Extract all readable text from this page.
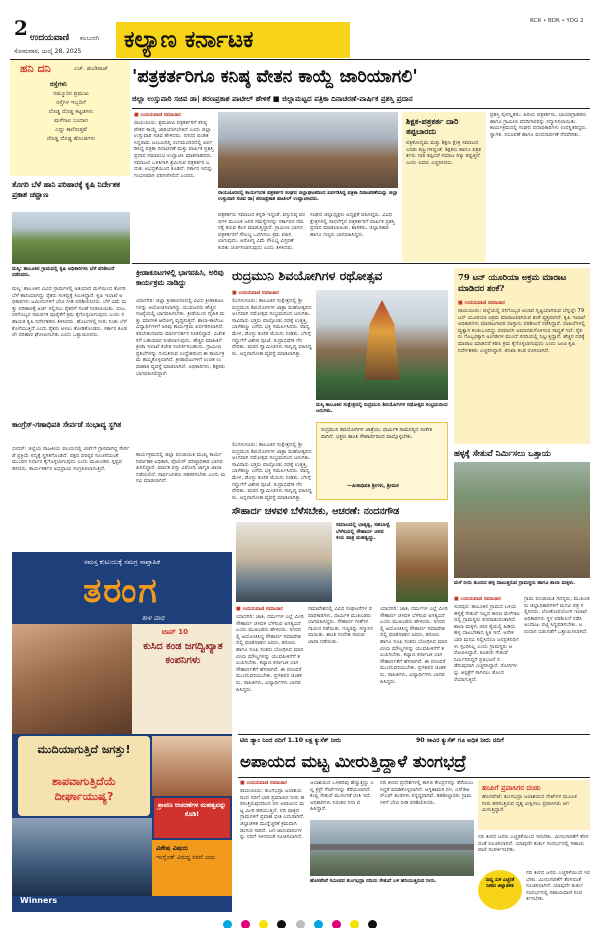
2 ಉದಯವಾಣಿ ಕಲಬುರಗಿ
ಸೋಮವಾರ, ಜುಲೈ 28, 2025 ಕಲ್ಯಾಣ ಕರ್ನಾಟಕ
RCR • BDR • YDG 2
ಹನಿ ದನಿ	ಎಚ್. ಡುಂಡಿರಾಜ್
ರಸ್ತೆಗಳು
ನಮ್ಮೂರಿನ ಪ್ರಮುಖ
ರಸ್ತೆಗಳ ಇಬ್ಬದಿಗೆ
ದೊಡ್ಡ ದೊಡ್ಡ ಕಟ್ಟಡಗಳು
ಮಳೆಗಾಲ ಬಂದಾಗ
ಎದ್ದು ಕಾಣಿಸುತ್ತವೆ
ದೊಡ್ಡ ದೊಡ್ಡ ಹೊಂಡಗಳು
'ಪತ್ರಕರ್ತರಿಗೂ ಕನಿಷ್ಠ ವೇತನ ಕಾಯ್ದೆ ಜಾರಿಯಾಗಲಿ'
ಜಿಲ್ಲಾ ಉಸ್ತುವಾರಿ ಸಚಿವ ಡಾ| ಶರಣಪ್ರಕಾಶ ಪಾಟೀಲ್ ಹೇಳಿಕೆ ■ ಜಿಲ್ಲಾಮಟ್ಟದ ಪತ್ರಿಕಾ ದಿನಾಚರಣೆ-ವಾರ್ಷಿಕ ಪ್ರಶಸ್ತಿ ಪ್ರದಾನ
■ ಉದಯವಾಣಿ ಸಮಾಚಾರ
ರಾಯಚೂರು: ಶ್ರಮಜೀವಿ ಪತ್ರಕರ್ತರಿಗೆ ಕನಿಷ್ಠ ವೇತನ ಕಾಯ್ದೆ ಜಾರಿಯಾಗಬೇಕಿದೆ ಎಂದು ಜಿಲ್ಲಾ ಉಸ್ತುವಾರಿ ಸಚಿವ ಹೇಳಿದರು. ನಗರದ ಪಂಡಿತ ಸಿದ್ದರಾಮ ಜಂಬಲದಿನ್ನಿ ರಂಗಮಂದಿರದಲ್ಲಿ ಏರ್ಪಡಿಸಿದ್ದ ಪತ್ರಿಕಾ ದಿನಾಚರಣೆ ಮತ್ತು ವಾರ್ಷಿಕ ಪ್ರಶಸ್ತಿ ಪ್ರದಾನ ಸಮಾರಂಭ ಉದ್ಘಾಟಿಸಿ ಮಾತನಾಡಿದರು. ಸಮಾಜದ ಒಳಿತಿಗಾಗಿ ಶ್ರಮಿಸುವ ಪತ್ರಕರ್ತರ ಬದುಕು ಅಭದ್ರತೆಯಿಂದ ಕೂಡಿದೆ. ಸರ್ಕಾರ ಇದನ್ನು ಗಂಭೀರವಾಗಿ ಪರಿಗಣಿಸಲಿದೆ ಎಂದರು.
ರಾಯಚೂರಿನಲ್ಲಿ ಕಾರ್ಯನಿರತ ಪತ್ರಕರ್ತರ ಸಂಘದ ಜಿಲ್ಲಾಘಟಕದಿಂದ ಏರ್ಪಡಿಸಿದ್ದ ಪತ್ರಿಕಾ ದಿನಾಚರಣೆಯನ್ನು ಜಿಲ್ಲಾ ಉಸ್ತುವಾರಿ ಸಚಿವ ಡಾ| ಶರಣಪ್ರಕಾಶ ಪಾಟೀಲ್ ಉದ್ಘಾಟಿಸಿದರು.
ಪತ್ರಕರ್ತರು ಸಮಾಜದ ಕನ್ನಡಿ ಇದ್ದಂತೆ. ವಸ್ತುನಿಷ್ಠ ವರದಿಗಳ ಮೂಲಕ ಜನರ ಸಮಸ್ಯೆಗಳನ್ನು ಸರ್ಕಾರದ ಗಮನಕ್ಕೆ ತರುವ ಕೆಲಸ ಮಾಡುತ್ತಿದ್ದಾರೆ. ಗ್ರಾಮೀಣ ಭಾಗದ ಪತ್ರಕರ್ತರಿಗೆ ಸೌಲಭ್ಯ ಒದಗಿಸಲು ಕ್ರಮ ವಹಿಸಲಾಗುವುದು. ಆರೋಗ್ಯ ವಿಮೆ ಸೌಲಭ್ಯ ವಿಸ್ತರಣೆ ಕುರಿತು ಚರ್ಚಿಸಲಾಗುವುದು ಎಂದು ತಿಳಿಸಿದರು.
ಸಂಘದ ಜಿಲ್ಲಾಧ್ಯಕ್ಷರು ಅಧ್ಯಕ್ಷತೆ ವಹಿಸಿದ್ದರು. ವಿವಿಧ ಕ್ಷೇತ್ರಗಳಲ್ಲಿ ಸಾಧನೆಗೈದ ಪತ್ರಕರ್ತರಿಗೆ ವಾರ್ಷಿಕ ಪ್ರಶಸ್ತಿ ಪ್ರದಾನ ಮಾಡಲಾಯಿತು. ಶಾಸಕರು, ಜಿಲ್ಲಾಧಿಕಾರಿ ಹಾಗೂ ಗಣ್ಯರು ಭಾಗವಹಿಸಿದ್ದರು.
ಶಿಕ್ಷಕ-ಪತ್ರಕರ್ತ ದಾರಿ ತಪ್ಪಬಾರದು
ಪತ್ರಿಕೋದ್ಯಮ ಮತ್ತು ಶಿಕ್ಷಣ ಕ್ಷೇತ್ರ ಸಮಾಜದ ಎರಡು ಕಣ್ಣುಗಳಿದ್ದಂತೆ. ಶಿಕ್ಷಕರು ಹಾಗೂ ಪತ್ರಕರ್ತರು ದಾರಿ ತಪ್ಪಿದರೆ ಸಮಾಜ ದಿಕ್ಕು ತಪ್ಪುತ್ತದೆ ಎಂದು ಅವರು ಎಚ್ಚರಿಸಿದರು.
ಪ್ರಶಸ್ತಿ ಪುರಸ್ಕೃತರು: ಹಿರಿಯ ಪತ್ರಕರ್ತರು, ಛಾಯಾಗ್ರಾಹಕರು ಹಾಗೂ ಗ್ರಾಮೀಣ ವರದಿಗಾರರನ್ನು ಸನ್ಮಾನಿಸಲಾಯಿತು. ಕಾರ್ಯಕ್ರಮದಲ್ಲಿ ಸಂಘದ ಪದಾಧಿಕಾರಿಗಳು ಉಪಸ್ಥಿತರಿದ್ದರು. ಸ್ವಾಗತ, ನಿರೂಪಣೆ ಹಾಗೂ ವಂದನಾರ್ಪಣೆ ನೆರವೇರಿತು.
ತೊಗರಿ ಬೆಳೆ ಹಾನಿ ಪರಿಹಾರಕ್ಕೆ ಕೃಷಿ ನಿರ್ದೇಶಕ ಪ್ರಕಾಶ ಚವ್ಹಾಣ
ಮಸ್ಕಿ: ತಾಲೂಕಿನ ಗ್ರಾಮದಲ್ಲಿ ಕೃಷಿ ಅಧಿಕಾರಿಗಳು ಬೆಳೆ ಪರಿಶೀಲನೆ ನಡೆಸಿದರು.
ಮಸ್ಕಿ: ತಾಲೂಕಿನ ವಿವಿಧ ಗ್ರಾಮಗಳಲ್ಲಿ ಅತಿಯಾದ ಮಳೆಯಿಂದ ತೊಗರಿ ಬೆಳೆ ಹಾನಿಯಾಗಿದ್ದು ರೈತರು ಸಂಕಷ್ಟಕ್ಕೆ ಸಿಲುಕಿದ್ದಾರೆ. ಕೃಷಿ ಇಲಾಖೆ ಅಧಿಕಾರಿಗಳು ಜಮೀನುಗಳಿಗೆ ಭೇಟಿ ನೀಡಿ ಪರಿಶೀಲಿಸಿದರು. ಬೆಳೆ ವಿಮೆ ಮತ್ತು ಪರಿಹಾರಕ್ಕೆ ಅರ್ಜಿ ಸಲ್ಲಿಸಲು ರೈತರಿಗೆ ಸಲಹೆ ನೀಡಲಾಯಿತು. ಬೀಜ, ರಸಗೊಬ್ಬರ ಸಮರ್ಪಕ ಪೂರೈಕೆಗೆ ಕ್ರಮ ಕೈಗೊಳ್ಳಲಾಗುವುದು ಎಂದು ಸಹಾಯಕ ಕೃಷಿ ನಿರ್ದೇಶಕರು ತಿಳಿಸಿದರು. ಹೊಲಗಳಲ್ಲಿ ನೀರು ನಿಂತು ಬೆಳೆ ಕೊಳೆಯುತ್ತಿದೆ ಎಂದು ರೈತರು ಅಳಲು ತೋಡಿಕೊಂಡರು. ಸರ್ಕಾರ ಕೂಡಲೇ ಪರಿಹಾರ ಘೋಷಿಸಬೇಕು ಎಂದು ಒತ್ತಾಯಿಸಿದರು.
ಕಾಂಗ್ರೆಸ್-ಗಣಾಧಿಪತಿ ಸೇರ್ಪಡೆ ಸಂಭಾವ್ಯ ಸ್ಥಗಿತ
ಬೀದರ್: ಜಿಲ್ಲೆಯ ರಾಜಕೀಯ ವಲಯದಲ್ಲಿ ಚರ್ಚೆಗೆ ಗ್ರಾಸವಾಗಿದ್ದ ಸೇರ್ಪಡೆ ಪ್ರಕ್ರಿಯೆ ಸದ್ಯಕ್ಕೆ ಸ್ಥಗಿತಗೊಂಡಿದೆ. ಪಕ್ಷದ ವರಿಷ್ಠರ ಸೂಚನೆಯಂತೆ ಮುಂದಿನ ನಿರ್ಧಾರ ಕೈಗೊಳ್ಳಲಾಗುವುದು ಎಂದು ಮುಖಂಡರು ಸ್ಪಷ್ಟಪಡಿಸಿದರು. ಕಾರ್ಯಕರ್ತರ ಅಭಿಪ್ರಾಯ ಸಂಗ್ರಹಿಸಲಾಗುತ್ತಿದೆ.
ಕ್ರೀಡಾಕೂಟಗಳಲ್ಲಿ ಭಾಗವಹಿಸಿ, ಅರಿವು ಕಾರ್ಯಕ್ರಮ ನಾಡಿದ್ದು
ಯಾದಗಿರಿ: ಜಿಲ್ಲಾ ಕ್ರೀಡಾಂಗಣದಲ್ಲಿ ವಿವಿಧ ಕ್ರೀಡಾಕೂಟಗಳನ್ನು ಆಯೋಜಿಸಲಾಗಿದ್ದು ಯುವಜನರು ಹೆಚ್ಚಿನ ಸಂಖ್ಯೆಯಲ್ಲಿ ಭಾಗವಹಿಸಬೇಕು. ಕ್ರೀಡೆಯಿಂದ ದೈಹಿಕ ಮತ್ತು ಮಾನಸಿಕ ಆರೋಗ್ಯ ವೃದ್ಧಿಸುತ್ತದೆ. ಶಾಲಾ-ಕಾಲೇಜು ವಿದ್ಯಾರ್ಥಿಗಳಿಗೆ ಅರಿವು ಕಾರ್ಯಕ್ರಮ ಏರ್ಪಡಿಸಲಾಗಿದೆ. ತರಬೇತುದಾರರು ಮಾರ್ಗದರ್ಶನ ನೀಡಲಿದ್ದಾರೆ. ವಿಜೇತರಿಗೆ ಬಹುಮಾನ ನೀಡಲಾಗುವುದು. ಹೆಚ್ಚಿನ ಮಾಹಿತಿಗೆ ಕ್ರೀಡಾ ಇಲಾಖೆ ಕಚೇರಿ ಸಂಪರ್ಕಿಸಬಹುದು. ಗ್ರಾಮೀಣ ಪ್ರತಿಭೆಗಳನ್ನು ಗುರುತಿಸುವ ಉದ್ದೇಶದಿಂದ ಈ ಕಾರ್ಯಕ್ರಮ ಹಮ್ಮಿಕೊಳ್ಳಲಾಗಿದೆ. ಕ್ರೀಡಾಪಟುಗಳಿಗೆ ಉಚಿತ ಉಪಾಹಾರ ವ್ಯವಸ್ಥೆ ಮಾಡಲಾಗಿದೆ. ಅಧಿಕಾರಿಗಳು, ಶಿಕ್ಷಕರು ಭಾಗವಹಿಸಲಿದ್ದಾರೆ.
ಕಾರ್ಯಕ್ರಮದಲ್ಲಿ ಜಿಲ್ಲಾ ಪಂಚಾಯಿತಿ ಮುಖ್ಯ ಕಾರ್ಯನಿರ್ವಾಹಕ ಅಧಿಕಾರಿ, ಪೊಲೀಸ್ ವರಿಷ್ಠಾಧಿಕಾರಿ ಭಾಗವಹಿಸಲಿದ್ದಾರೆ. ಮಾದಕ ವಸ್ತು ವಿರೋಧಿ ಜಾಗೃತಿ ಜಾಥಾ ನಡೆಯಲಿದೆ. ಸಾರ್ವಜನಿಕರು ಸಹಕರಿಸಬೇಕು ಎಂದು ಮನವಿ ಮಾಡಲಾಗಿದೆ.
ರುದ್ರಮುನಿ ಶಿವಯೋಗಿಗಳ ರಥೋತ್ಸವ
■ ಉದಯವಾಣಿ ಸಮಾಚಾರ
ಲಿಂಗಸುಗೂರು: ತಾಲೂಕಿನ ಸುಕ್ಷೇತ್ರದಲ್ಲಿ ಶ್ರೀ ರುದ್ರಮುನಿ ಶಿವಯೋಗಿಗಳ ಜಾತ್ರಾ ಮಹೋತ್ಸವದ ಅಂಗವಾಗಿ ರಥೋತ್ಸವ ಸಂಭ್ರಮದಿಂದ ಜರುಗಿತು. ಸಾವಿರಾರು ಭಕ್ತರು ಪಾಲ್ಗೊಂಡು ರಥಕ್ಕೆ ಉತ್ತತ್ತಿ, ಬಾಳೆಹಣ್ಣು ಎಸೆದು ಭಕ್ತಿ ಸಮರ್ಪಿಸಿದರು. ವಾದ್ಯಮೇಳ, ಡೊಳ್ಳು ಕುಣಿತ ಮೆರುಗು ನೀಡಿತು. ಬೆಳಗ್ಗೆ ಗದ್ದುಗೆಗೆ ವಿಶೇಷ ಪೂಜೆ, ರುದ್ರಾಭಿಷೇಕ ನೆರವೇರಿತು. ಮಠದ ಸ್ವಾಮೀಜಿಗಳು ಸಾನ್ನಿಧ್ಯ ವಹಿಸಿದ್ದರು. ಅನ್ನದಾಸೋಹ ವ್ಯವಸ್ಥೆ ಮಾಡಲಾಗಿತ್ತು.
ಮಸ್ಕಿ ತಾಲೂಕಿನ ಸುಕ್ಷೇತ್ರದಲ್ಲಿ ರುದ್ರಮುನಿ ಶಿವಯೋಗಿಗಳ ರಥೋತ್ಸವ ಸಂಭ್ರಮದಿಂದ ಜರುಗಿತು.
ರುದ್ರಮುನಿ ಶಿವಯೋಗಿಗಳ ಜಾತ್ರೆಯು ಧಾರ್ಮಿಕ ಸಾಮರಸ್ಯದ ಸಂಕೇತವಾಗಿದೆ. ಭಕ್ತರು ಶಾಂತಿ ಸೌಹಾರ್ದದಿಂದ ಪಾಲ್ಗೊಳ್ಳಬೇಕು.
—ಪೀಠಾಧಿಪತಿ ಶ್ರೀಗಳು, ಶ್ರೀಮಠ
ಲಿಂಗಸುಗೂರು: ತಾಲೂಕಿನ ಸುಕ್ಷೇತ್ರದಲ್ಲಿ ಶ್ರೀ ರುದ್ರಮುನಿ ಶಿವಯೋಗಿಗಳ ಜಾತ್ರಾ ಮಹೋತ್ಸವದ ಅಂಗವಾಗಿ ರಥೋತ್ಸವ ಸಂಭ್ರಮದಿಂದ ಜರುಗಿತು. ಸಾವಿರಾರು ಭಕ್ತರು ಪಾಲ್ಗೊಂಡು ರಥಕ್ಕೆ ಉತ್ತತ್ತಿ, ಬಾಳೆಹಣ್ಣು ಎಸೆದು ಭಕ್ತಿ ಸಮರ್ಪಿಸಿದರು. ವಾದ್ಯಮೇಳ, ಡೊಳ್ಳು ಕುಣಿತ ಮೆರುಗು ನೀಡಿತು. ಬೆಳಗ್ಗೆ ಗದ್ದುಗೆಗೆ ವಿಶೇಷ ಪೂಜೆ, ರುದ್ರಾಭಿಷೇಕ ನೆರವೇರಿತು. ಮಠದ ಸ್ವಾಮೀಜಿಗಳು ಸಾನ್ನಿಧ್ಯ ವಹಿಸಿದ್ದರು. ಅನ್ನದಾಸೋಹ ವ್ಯವಸ್ಥೆ ಮಾಡಲಾಗಿತ್ತು.
79 ಟನ್ ಯೂರಿಯಾ ಅಕ್ರಮ ಮಾರಾಟ ಮಾಡಿದರ ಶಂಕೆ?
■ ಉದಯವಾಣಿ ಸಮಾಚಾರ
ರಾಯಚೂರು: ಜಿಲ್ಲೆಯಲ್ಲಿ ರಸಗೊಬ್ಬರ ಅಭಾವ ಸೃಷ್ಟಿಯಾಗಿರುವ ಬೆನ್ನಲ್ಲೇ 79 ಟನ್ ಯೂರಿಯಾ ಅಕ್ರಮ ಮಾರಾಟವಾಗಿರುವ ಶಂಕೆ ವ್ಯಕ್ತವಾಗಿದೆ. ಕೃಷಿ ಇಲಾಖೆ ಅಧಿಕಾರಿಗಳು ಮಾರಾಟಗಾರರ ದಾಸ್ತಾನು ಪರಿಶೀಲನೆ ನಡೆಸಿದ್ದಾರೆ. ದಾಖಲೆಗಳಲ್ಲಿ ವ್ಯತ್ಯಾಸ ಕಂಡುಬಂದಿದ್ದು ಪರವಾನಗಿ ಅಮಾನತುಗೊಳಿಸುವ ಸಾಧ್ಯತೆ ಇದೆ. ರೈತರು ಗೊಬ್ಬರಕ್ಕಾಗಿ ಅಂಗಡಿಗಳ ಮುಂದೆ ಸರದಿಯಲ್ಲಿ ನಿಲ್ಲುತ್ತಿದ್ದಾರೆ. ಹೆಚ್ಚಿನ ದರಕ್ಕೆ ಮಾರಾಟ ಮಾಡಿದರೆ ಕಠಿಣ ಕ್ರಮ ಕೈಗೊಳ್ಳಲಾಗುವುದು ಎಂದು ಜಂಟಿ ಕೃಷಿ ನಿರ್ದೇಶಕರು ಎಚ್ಚರಿಸಿದ್ದಾರೆ. ತನಿಖಾ ತಂಡ ರಚಿಸಲಾಗಿದೆ.
ಹಳ್ಳಕ್ಕೆ ಸೇತುವೆ ನಿರ್ಮಿಸಲು ಒತ್ತಾಯ
ಮಳೆ ನೀರು ತುಂಬಿದ ಹಳ್ಳ ದಾಟುತ್ತಿರುವ ಗ್ರಾಮಸ್ಥರು ಹಾಗೂ ಶಾಲಾ ಮಕ್ಕಳು.
ಸೌಹಾರ್ದ ಚಳವಳಿ ಬೆಳೆಸಬೇಕು, ಆಚರಣೆ: ನಂದನಗೌಡ
ಸಮಾಜದಲ್ಲಿ ಭಾತೃತ್ವ, ಸಹಬಾಳ್ವೆ ಬೆಳೆಸುವಲ್ಲಿ ಸೌಹಾರ್ದ ಚಳವಳಿಯ ಪಾತ್ರ ಮಹತ್ವದ್ದು.
■ ಉದಯವಾಣಿ ಸಮಾಚಾರ
ಯಾದಗಿರಿ: ಜಾತಿ, ಧರ್ಮಗಳ ಎಲ್ಲೆ ಮೀರಿ ಸೌಹಾರ್ದ ಚಳವಳಿ ಬೆಳೆಸುವ ಅಗತ್ಯವಿದೆ ಎಂದು ಮುಖಂಡರು ಹೇಳಿದರು. ನಗರದಲ್ಲಿ ಆಯೋಜಿಸಿದ್ದ ಸೌಹಾರ್ದ ಸಮಾವೇಶದಲ್ಲಿ ಮಾತನಾಡಿದ ಅವರು, ಶರಣರು ಹಾಗೂ ಸೂಫಿ ಸಂತರು ಬೋಧಿಸಿದ ಮಾನವೀಯ ಮೌಲ್ಯಗಳನ್ನು ಯುವಪೀಳಿಗೆಗೆ ತಲುಪಿಸಬೇಕು. ಕಲ್ಯಾಣ ಕರ್ನಾಟಕ ಭಾಗ ಸೌಹಾರ್ದತೆಗೆ ಹೆಸರಾಗಿದೆ. ಈ ಪರಂಪರೆ ಮುಂದುವರಿಯಬೇಕು. ಪ್ರಗತಿಪರ ಚಿಂತಕರು, ಸಾಹಿತಿಗಳು, ವಿದ್ಯಾರ್ಥಿಗಳು ಭಾಗವಹಿಸಿದ್ದರು.
ಸಮಾವೇಶದಲ್ಲಿ ವಿವಿಧ ಸಂಘಟನೆಗಳ ಪದಾಧಿಕಾರಿಗಳು, ಧಾರ್ಮಿಕ ಮುಖಂಡರು ಭಾಗವಹಿಸಿದ್ದರು. ಸೌಹಾರ್ದ ಗೀತೆಗಳ ಗಾಯನ ನಡೆಯಿತು. ಗಣ್ಯರನ್ನು ಸನ್ಮಾನಿಸಲಾಯಿತು. ಶಾಂತಿ ಸಂದೇಶ ಸಾರುವ ಜಾಥಾ ನಡೆಯಿತು.
ಯಾದಗಿರಿ: ಜಾತಿ, ಧರ್ಮಗಳ ಎಲ್ಲೆ ಮೀರಿ ಸೌಹಾರ್ದ ಚಳವಳಿ ಬೆಳೆಸುವ ಅಗತ್ಯವಿದೆ ಎಂದು ಮುಖಂಡರು ಹೇಳಿದರು. ನಗರದಲ್ಲಿ ಆಯೋಜಿಸಿದ್ದ ಸೌಹಾರ್ದ ಸಮಾವೇಶದಲ್ಲಿ ಮಾತನಾಡಿದ ಅವರು, ಶರಣರು ಹಾಗೂ ಸೂಫಿ ಸಂತರು ಬೋಧಿಸಿದ ಮಾನವೀಯ ಮೌಲ್ಯಗಳನ್ನು ಯುವಪೀಳಿಗೆಗೆ ತಲುಪಿಸಬೇಕು. ಕಲ್ಯಾಣ ಕರ್ನಾಟಕ ಭಾಗ ಸೌಹಾರ್ದತೆಗೆ ಹೆಸರಾಗಿದೆ. ಈ ಪರಂಪರೆ ಮುಂದುವರಿಯಬೇಕು. ಪ್ರಗತಿಪರ ಚಿಂತಕರು, ಸಾಹಿತಿಗಳು, ವಿದ್ಯಾರ್ಥಿಗಳು ಭಾಗವಹಿಸಿದ್ದರು.
■ ಉದಯವಾಣಿ ಸಮಾಚಾರ
ಸುರಪುರ: ತಾಲೂಕಿನ ಗ್ರಾಮದ ಬಳಿಯ ಹಳ್ಳಕ್ಕೆ ಸೇತುವೆ ಇಲ್ಲದ ಕಾರಣ ಮಳೆಗಾಲದಲ್ಲಿ ಗ್ರಾಮಸ್ಥರು ಪರದಾಡುವಂತಾಗಿದೆ. ಶಾಲಾ ಮಕ್ಕಳು ಜೀವ ಕೈಯಲ್ಲಿ ಹಿಡಿದು ಹಳ್ಳ ದಾಟಬೇಕಾದ ಸ್ಥಿತಿ ಇದೆ. ಅನೇಕ ಬಾರಿ ಮನವಿ ಸಲ್ಲಿಸಿದರೂ ಜನಪ್ರತಿನಿಧಿಗಳು ಸ್ಪಂದಿಸಿಲ್ಲ ಎಂದು ಗ್ರಾಮಸ್ಥರು ಆರೋಪಿಸಿದ್ದಾರೆ. ಕೂಡಲೇ ಸೇತುವೆ ನಿರ್ಮಿಸದಿದ್ದರೆ ಪ್ರತಿಭಟನೆ ನಡೆಸುವುದಾಗಿ ಎಚ್ಚರಿಸಿದ್ದಾರೆ. ರೋಗಿಗಳನ್ನು ಆಸ್ಪತ್ರೆಗೆ ಸಾಗಿಸಲು ತೊಂದರೆಯಾಗುತ್ತಿದೆ.
ಗ್ರಾಮ ಪಂಚಾಯಿತಿ ಸದಸ್ಯರು, ಮುಖಂಡರು ಜಿಲ್ಲಾಧಿಕಾರಿಗಳಿಗೆ ಮನವಿ ಪತ್ರ ಸಲ್ಲಿಸಿದರು. ಲೋಕೋಪಯೋಗಿ ಇಲಾಖೆ ಅಧಿಕಾರಿಗಳು ಸ್ಥಳ ಪರಿಶೀಲನೆ ನಡೆಸಿ ಅಂದಾಜು ಪಟ್ಟಿ ಸಿದ್ಧಪಡಿಸಬೇಕು. ಅನುದಾನ ಬಿಡುಗಡೆಗೆ ಒತ್ತಾಯಿಸಲಾಗಿದೆ.
ಸಮಸ್ತ ಕುಟುಂಬಕ್ಕೆ ಸಮಗ್ರ ಸಾಪ್ತಾಹಿಕ
ತರಂಗ
ಕಾಳ ವಾರ
ಟಾಪ್ 10
ಕುಸಿದ ಕಂಡ ಜಗದ್ವಿಖ್ಯಾತ ಕಂಪನಿಗಳು
ಮುದಿಯಾಗುತ್ತಿದೆ ಜಗತ್ತು!
ಶಾಪವಾಗುತ್ತಿದೆಯೆ ದೀರ್ಘಾಯುಷ್ಯ?
ಶ್ರಾವಣ ಆಚರಣೆಗಳ ಮಹತ್ವವನ್ನು ಕೊಡಿ!
ವಿಶೇಷ ವಿಷಯ
ಇಂಗ್ಲೆಂಡ್ ವಿರುದ್ಧ ಸರಣಿ ಜಯ
Winners
ಟಿಬಿ ಡ್ಯಾಂ ನಿಂದ ನದಿಗೆ 1.10 ಲಕ್ಷ ಕ್ಯುಸೆಕ್ ನೀರು	90 ಸಾವಿರ ಕ್ಯುಸೆಕ್ ಗೂ ಅಧಿಕ ನೀರು ನದಿಗೆ
ಅಪಾಯದ ಮಟ್ಟ ಮೀರುತ್ತಿದ್ದಾಳೆ ತುಂಗಭದ್ರೆ
■ ಉದಯವಾಣಿ ಸಮಾಚಾರ
ರಾಯಚೂರು: ತುಂಗಭದ್ರಾ ಜಲಾಶಯದಿಂದ ನದಿಗೆ ಭಾರಿ ಪ್ರಮಾಣದ ನೀರು ಹರಿಸುತ್ತಿರುವುದರಿಂದ ನದಿ ಅಪಾಯದ ಮಟ್ಟ ಮೀರಿ ಹರಿಯುತ್ತಿದೆ. ನದಿ ಪಾತ್ರದ ಗ್ರಾಮಗಳಿಗೆ ಪ್ರವಾಹ ಭೀತಿ ಎದುರಾಗಿದೆ. ಜಿಲ್ಲಾಡಳಿತ ಮುನ್ನೆಚ್ಚರಿಕೆ ಕ್ರಮವಾಗಿ ಡಂಗುರ ಸಾರಿದೆ. ಜನ-ಜಾನುವಾರುಗಳನ್ನು ನದಿಗೆ ಇಳಿಸದಂತೆ ಸೂಚಿಸಲಾಗಿದೆ.
ಜಲಾಶಯದ ಒಳಹರಿವು ಹೆಚ್ಚುತ್ತಿದ್ದು ಎಲ್ಲ ಕ್ರಸ್ಟ್ ಗೇಟ್‌ಗಳನ್ನು ತೆರೆಯಲಾಗಿದೆ. ಕಂಪ್ಲಿ ಸೇತುವೆ ಮುಳುಗಡೆ ಭೀತಿ ಇದೆ. ಅಧಿಕಾರಿಗಳು ನಿರಂತರ ನಿಗಾ ವಹಿಸಿದ್ದಾರೆ.
ಹೊಸಪೇಟೆ ಸಮೀಪದ ತುಂಗಭದ್ರಾ ನದಿಯ ಸೇತುವೆ ಬಳಿ ಹರಿಯುತ್ತಿರುವ ನೀರು.
ನದಿ ತೀರದ ಪ್ರದೇಶಗಳಲ್ಲಿ ಕಾಳಜಿ ಕೇಂದ್ರಗಳನ್ನು ತೆರೆಯಲು ಸಿದ್ಧತೆ ಮಾಡಿಕೊಳ್ಳಲಾಗಿದೆ. ಅಗ್ನಿಶಾಮಕ ದಳ, ಎಸ್‌ಡಿಆರ್‌ಎಫ್ ತಂಡಗಳು ಸನ್ನದ್ಧವಾಗಿವೆ. ತಹಶೀಲ್ದಾರರು ಗ್ರಾಮಗಳಿಗೆ ಭೇಟಿ ನೀಡಿ ಪರಿಶೀಲಿಸಿದರು.
ಹಂಪಿಗೆ ಪ್ರವಾಸಿಗರ ದಂಡು
ಹೊಸಪೇಟೆ: ತುಂಗಭದ್ರಾ ಜಲಾಶಯದ ಗೇಟ್‌ಗಳ ಮೂಲಕ ನೀರು ಹರಿಸುತ್ತಿರುವ ದೃಶ್ಯ ವೀಕ್ಷಿಸಲು ಪ್ರವಾಸಿಗರು ಆಗಮಿಸುತ್ತಿದ್ದಾರೆ.
ನದಿ ತೀರದ ಜನರು ಎಚ್ಚರಿಕೆಯಿಂದ ಇರಬೇಕು. ಮೀನುಗಾರಿಕೆಗೆ ತೆರಳದಂತೆ ಸೂಚಿಸಲಾಗಿದೆ. ಯಾವುದೇ ತುರ್ತು ಸಂದರ್ಭದಲ್ಲಿ ಸಹಾಯವಾಣಿ ಸಂಪರ್ಕಿಸಬೇಕು.
ಸಾಧ್ಯ ಸುಳಿ ಎಚ್ಚರಿಕೆ ನೀಡಿದ ಜಿಲ್ಲಾಡಳಿತ
ನದಿ ತೀರದ ಜನರು ಎಚ್ಚರಿಕೆಯಿಂದ ಇರಬೇಕು. ಮೀನುಗಾರಿಕೆಗೆ ತೆರಳದಂತೆ ಸೂಚಿಸಲಾಗಿದೆ. ಯಾವುದೇ ತುರ್ತು ಸಂದರ್ಭದಲ್ಲಿ ಸಹಾಯವಾಣಿ ಸಂಪರ್ಕಿಸಬೇಕು.
